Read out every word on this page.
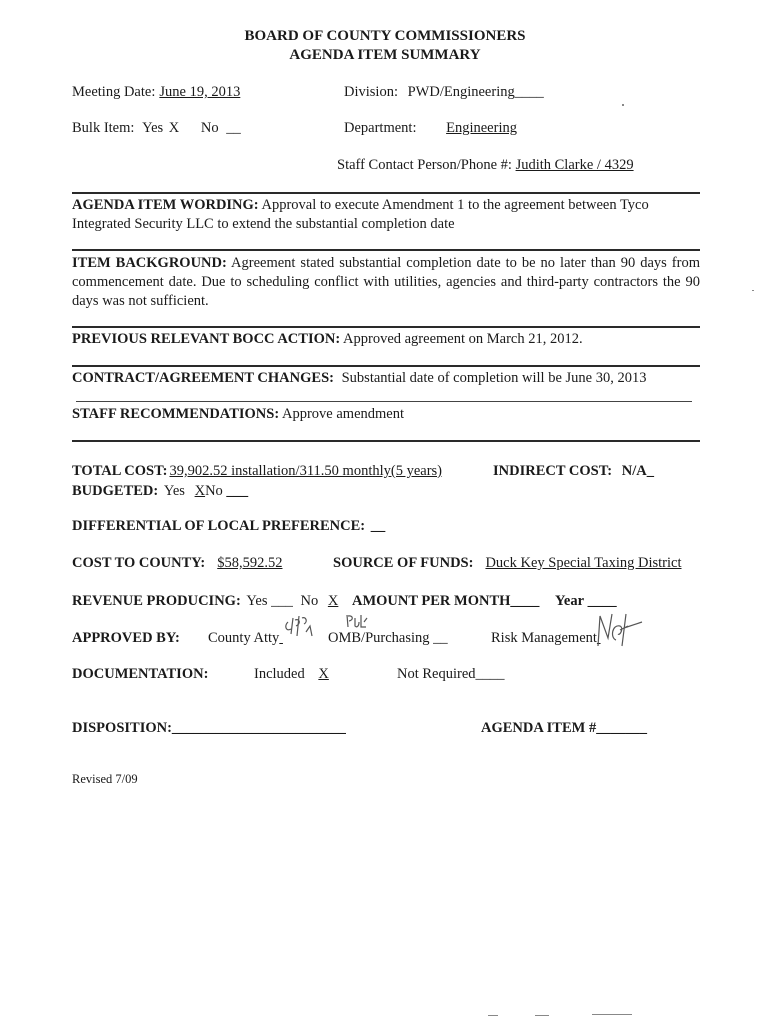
BOARD OF COUNTY COMMISSIONERS
AGENDA ITEM SUMMARY
Meeting Date: June 19, 2013	Division: PWD/Engineering____
Bulk Item: Yes X No __	Department: Engineering
Staff Contact Person/Phone #: Judith Clarke / 4329
AGENDA ITEM WORDING: Approval to execute Amendment 1 to the agreement between Tyco
Integrated Security LLC to extend the substantial completion date
ITEM BACKGROUND: Agreement stated substantial completion date to be no later than 90 days from commencement date. Due to scheduling conflict with utilities, agencies and third-party contractors the 90 days was not sufficient.
PREVIOUS RELEVANT BOCC ACTION: Approved agreement on March 21, 2012.
CONTRACT/AGREEMENT CHANGES: Substantial date of completion will be June 30, 2013
STAFF RECOMMENDATIONS: Approve amendment
TOTAL COST: 39,902.52 installation/311.50 monthly(5 years)	INDIRECT COST: N/A_
BUDGETED: Yes XNo ___
DIFFERENTIAL OF LOCAL PREFERENCE: __
COST TO COUNTY: $58,592.52	SOURCE OF FUNDS: Duck Key Special Taxing District
REVENUE PRODUCING: Yes ___ No X AMOUNT PER MONTH____ Year ____
APPROVED BY: County Atty	OMB/Purchasing __	Risk Management
DOCUMENTATION:	Included X	Not Required____
DISPOSITION:________________________	AGENDA ITEM #_______
Revised 7/09
